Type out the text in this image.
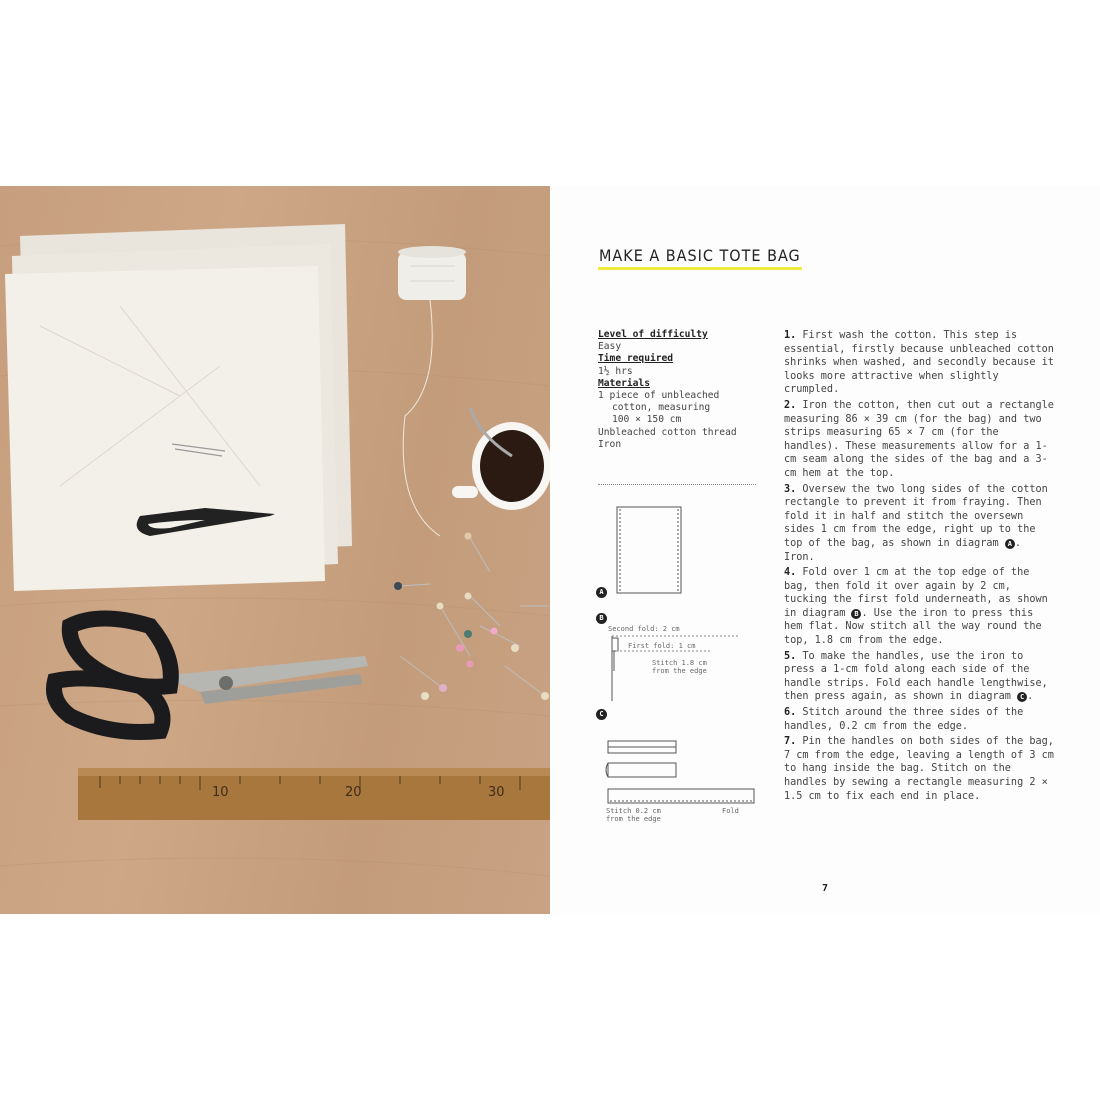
10	20	30
MAKE A BASIC TOTE BAG
Level of difficulty
Easy
Time required
1½ hrs
Materials
1 piece of unbleached
cotton, measuring
100 × 150 cm
Unbleached cotton thread
Iron
A
B
Second fold: 2 cm
First fold: 1 cm
Stitch 1.8 cm
from the edge
C
Stitch 0.2 cm
from the edge
Fold

1. First wash the cotton. This step is essential, firstly because unbleached cotton shrinks when washed, and secondly because it looks more attractive when slightly crumpled.

2. Iron the cotton, then cut out a rectangle measuring 86 × 39 cm (for the bag) and two strips measuring 65 × 7 cm (for the handles). These measurements allow for a 1-cm seam along the sides of the bag and a 3-cm hem at the top.

3. Oversew the two long sides of the cotton rectangle to prevent it from fraying. Then fold it in half and stitch the oversewn sides 1 cm from the edge, right up to the top of the bag, as shown in diagram A . Iron.

4. Fold over 1 cm at the top edge of the bag, then fold it over again by 2 cm, tucking the first fold underneath, as shown in diagram B . Use the iron to press this hem flat. Now stitch all the way round the top, 1.8 cm from the edge.

5. To make the handles, use the iron to press a 1-cm fold along each side of the handle strips. Fold each handle lengthwise, then press again, as shown in diagram C .

6. Stitch around the three sides of the handles, 0.2 cm from the edge.

7. Pin the handles on both sides of the bag, 7 cm from the edge, leaving a length of 3 cm to hang inside the bag. Stitch on the handles by sewing a rectangle measuring 2 × 1.5 cm to fix each end in place.

7
